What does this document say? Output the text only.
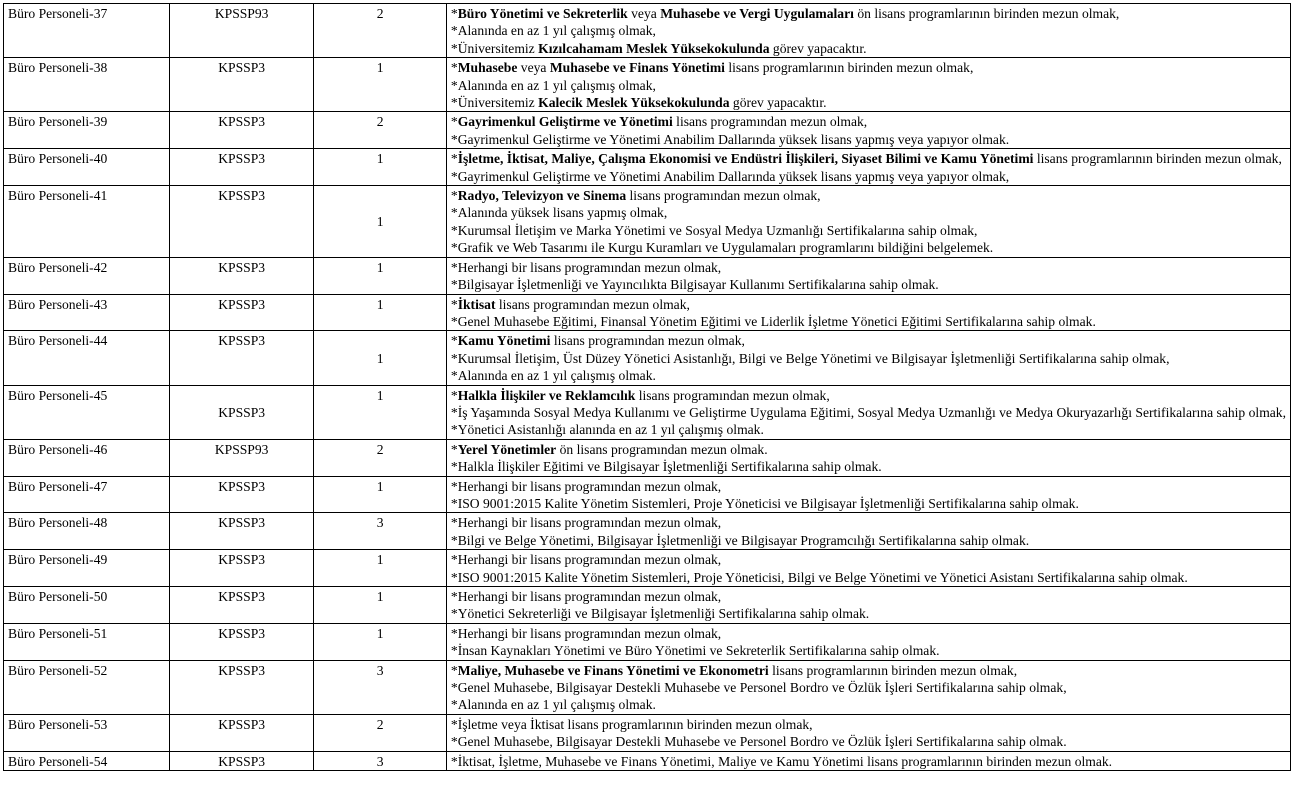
Büro Personeli-37	KPSSP93	2	*Büro Yönetimi ve Sekreterlik veya Muhasebe ve Vergi Uygulamaları ön lisans programlarının birinden mezun olmak,
*Alanında en az 1 yıl çalışmış olmak,
*Üniversitemiz Kızılcahamam Meslek Yüksekokulunda görev yapacaktır.

Büro Personeli-38	KPSSP3	1	*Muhasebe veya Muhasebe ve Finans Yönetimi lisans programlarının birinden mezun olmak,
*Alanında en az 1 yıl çalışmış olmak,
*Üniversitemiz Kalecik Meslek Yüksekokulunda görev yapacaktır.

Büro Personeli-39	KPSSP3	2	*Gayrimenkul Geliştirme ve Yönetimi lisans programından mezun olmak,
*Gayrimenkul Geliştirme ve Yönetimi Anabilim Dallarında yüksek lisans yapmış veya yapıyor olmak.

Büro Personeli-40	KPSSP3	1	*İşletme, İktisat, Maliye, Çalışma Ekonomisi ve Endüstri İlişkileri, Siyaset Bilimi ve Kamu Yönetimi lisans programlarının birinden mezun olmak,
*Gayrimenkul Geliştirme ve Yönetimi Anabilim Dallarında yüksek lisans yapmış veya yapıyor olmak,

Büro Personeli-41	KPSSP3	1	*Radyo, Televizyon ve Sinema lisans programından mezun olmak,
*Alanında yüksek lisans yapmış olmak,
*Kurumsal İletişim ve Marka Yönetimi ve Sosyal Medya Uzmanlığı Sertifikalarına sahip olmak,
*Grafik ve Web Tasarımı ile Kurgu Kuramları ve Uygulamaları programlarını bildiğini belgelemek.

Büro Personeli-42	KPSSP3	1	*Herhangi bir lisans programından mezun olmak,
*Bilgisayar İşletmenliği ve Yayıncılıkta Bilgisayar Kullanımı Sertifikalarına sahip olmak.

Büro Personeli-43	KPSSP3	1	*İktisat lisans programından mezun olmak,
*Genel Muhasebe Eğitimi, Finansal Yönetim Eğitimi ve Liderlik İşletme Yönetici Eğitimi Sertifikalarına sahip olmak.

Büro Personeli-44	KPSSP3	1	*Kamu Yönetimi lisans programından mezun olmak,
*Kurumsal İletişim, Üst Düzey Yönetici Asistanlığı, Bilgi ve Belge Yönetimi ve Bilgisayar İşletmenliği Sertifikalarına sahip olmak,
*Alanında en az 1 yıl çalışmış olmak.

Büro Personeli-45	KPSSP3	1	*Halkla İlişkiler ve Reklamcılık lisans programından mezun olmak,
*İş Yaşamında Sosyal Medya Kullanımı ve Geliştirme Uygulama Eğitimi, Sosyal Medya Uzmanlığı ve Medya Okuryazarlığı Sertifikalarına sahip olmak,
*Yönetici Asistanlığı alanında en az 1 yıl çalışmış olmak.

Büro Personeli-46	KPSSP93	2	*Yerel Yönetimler ön lisans programından mezun olmak.
*Halkla İlişkiler Eğitimi ve Bilgisayar İşletmenliği Sertifikalarına sahip olmak.

Büro Personeli-47	KPSSP3	1	*Herhangi bir lisans programından mezun olmak,
*ISO 9001:2015 Kalite Yönetim Sistemleri, Proje Yöneticisi ve Bilgisayar İşletmenliği Sertifikalarına sahip olmak.

Büro Personeli-48	KPSSP3	3	*Herhangi bir lisans programından mezun olmak,
*Bilgi ve Belge Yönetimi, Bilgisayar İşletmenliği ve Bilgisayar Programcılığı Sertifikalarına sahip olmak.

Büro Personeli-49	KPSSP3	1	*Herhangi bir lisans programından mezun olmak,
*ISO 9001:2015 Kalite Yönetim Sistemleri, Proje Yöneticisi, Bilgi ve Belge Yönetimi ve Yönetici Asistanı Sertifikalarına sahip olmak.

Büro Personeli-50	KPSSP3	1	*Herhangi bir lisans programından mezun olmak,
*Yönetici Sekreterliği ve Bilgisayar İşletmenliği Sertifikalarına sahip olmak.

Büro Personeli-51	KPSSP3	1	*Herhangi bir lisans programından mezun olmak,
*İnsan Kaynakları Yönetimi ve Büro Yönetimi ve Sekreterlik Sertifikalarına sahip olmak.

Büro Personeli-52	KPSSP3	3	*Maliye, Muhasebe ve Finans Yönetimi ve Ekonometri lisans programlarının birinden mezun olmak,
*Genel Muhasebe, Bilgisayar Destekli Muhasebe ve Personel Bordro ve Özlük İşleri Sertifikalarına sahip olmak,
*Alanında en az 1 yıl çalışmış olmak.

Büro Personeli-53	KPSSP3	2	*İşletme veya İktisat lisans programlarının birinden mezun olmak,
*Genel Muhasebe, Bilgisayar Destekli Muhasebe ve Personel Bordro ve Özlük İşleri Sertifikalarına sahip olmak.

Büro Personeli-54	KPSSP3	3	*İktisat, İşletme, Muhasebe ve Finans Yönetimi, Maliye ve Kamu Yönetimi lisans programlarının birinden mezun olmak.
